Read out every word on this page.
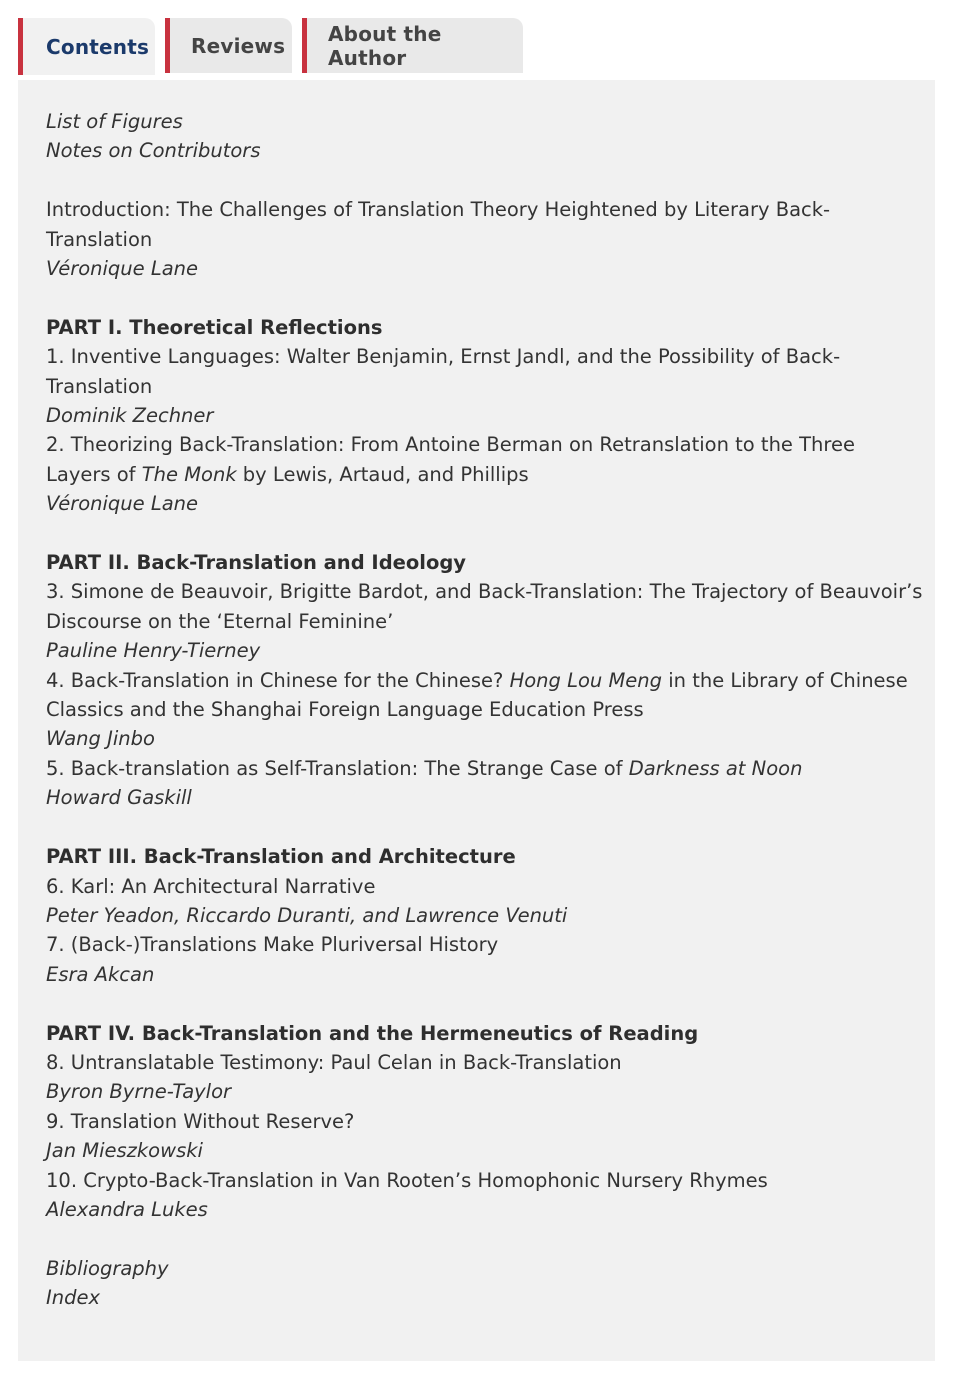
Contents	Reviews	About the Author
List of Figures
Notes on Contributors
Introduction: The Challenges of Translation Theory Heightened by Literary Back-
Translation
Véronique Lane
PART I. Theoretical Reflections
1. Inventive Languages: Walter Benjamin, Ernst Jandl, and the Possibility of Back-
Translation
Dominik Zechner
2. Theorizing Back-Translation: From Antoine Berman on Retranslation to the Three
Layers of The Monk by Lewis, Artaud, and Phillips
Véronique Lane
PART II. Back-Translation and Ideology
3. Simone de Beauvoir, Brigitte Bardot, and Back-Translation: The Trajectory of Beauvoir’s
Discourse on the ‘Eternal Feminine’
Pauline Henry-Tierney
4. Back-Translation in Chinese for the Chinese? Hong Lou Meng in the Library of Chinese
Classics and the Shanghai Foreign Language Education Press
Wang Jinbo
5. Back-translation as Self-Translation: The Strange Case of Darkness at Noon
Howard Gaskill
PART III. Back-Translation and Architecture
6. Karl: An Architectural Narrative
Peter Yeadon, Riccardo Duranti, and Lawrence Venuti
7. (Back-)Translations Make Pluriversal History
Esra Akcan
PART IV. Back-Translation and the Hermeneutics of Reading
8. Untranslatable Testimony: Paul Celan in Back-Translation
Byron Byrne-Taylor
9. Translation Without Reserve?
Jan Mieszkowski
10. Crypto-Back-Translation in Van Rooten’s Homophonic Nursery Rhymes
Alexandra Lukes
Bibliography
Index
